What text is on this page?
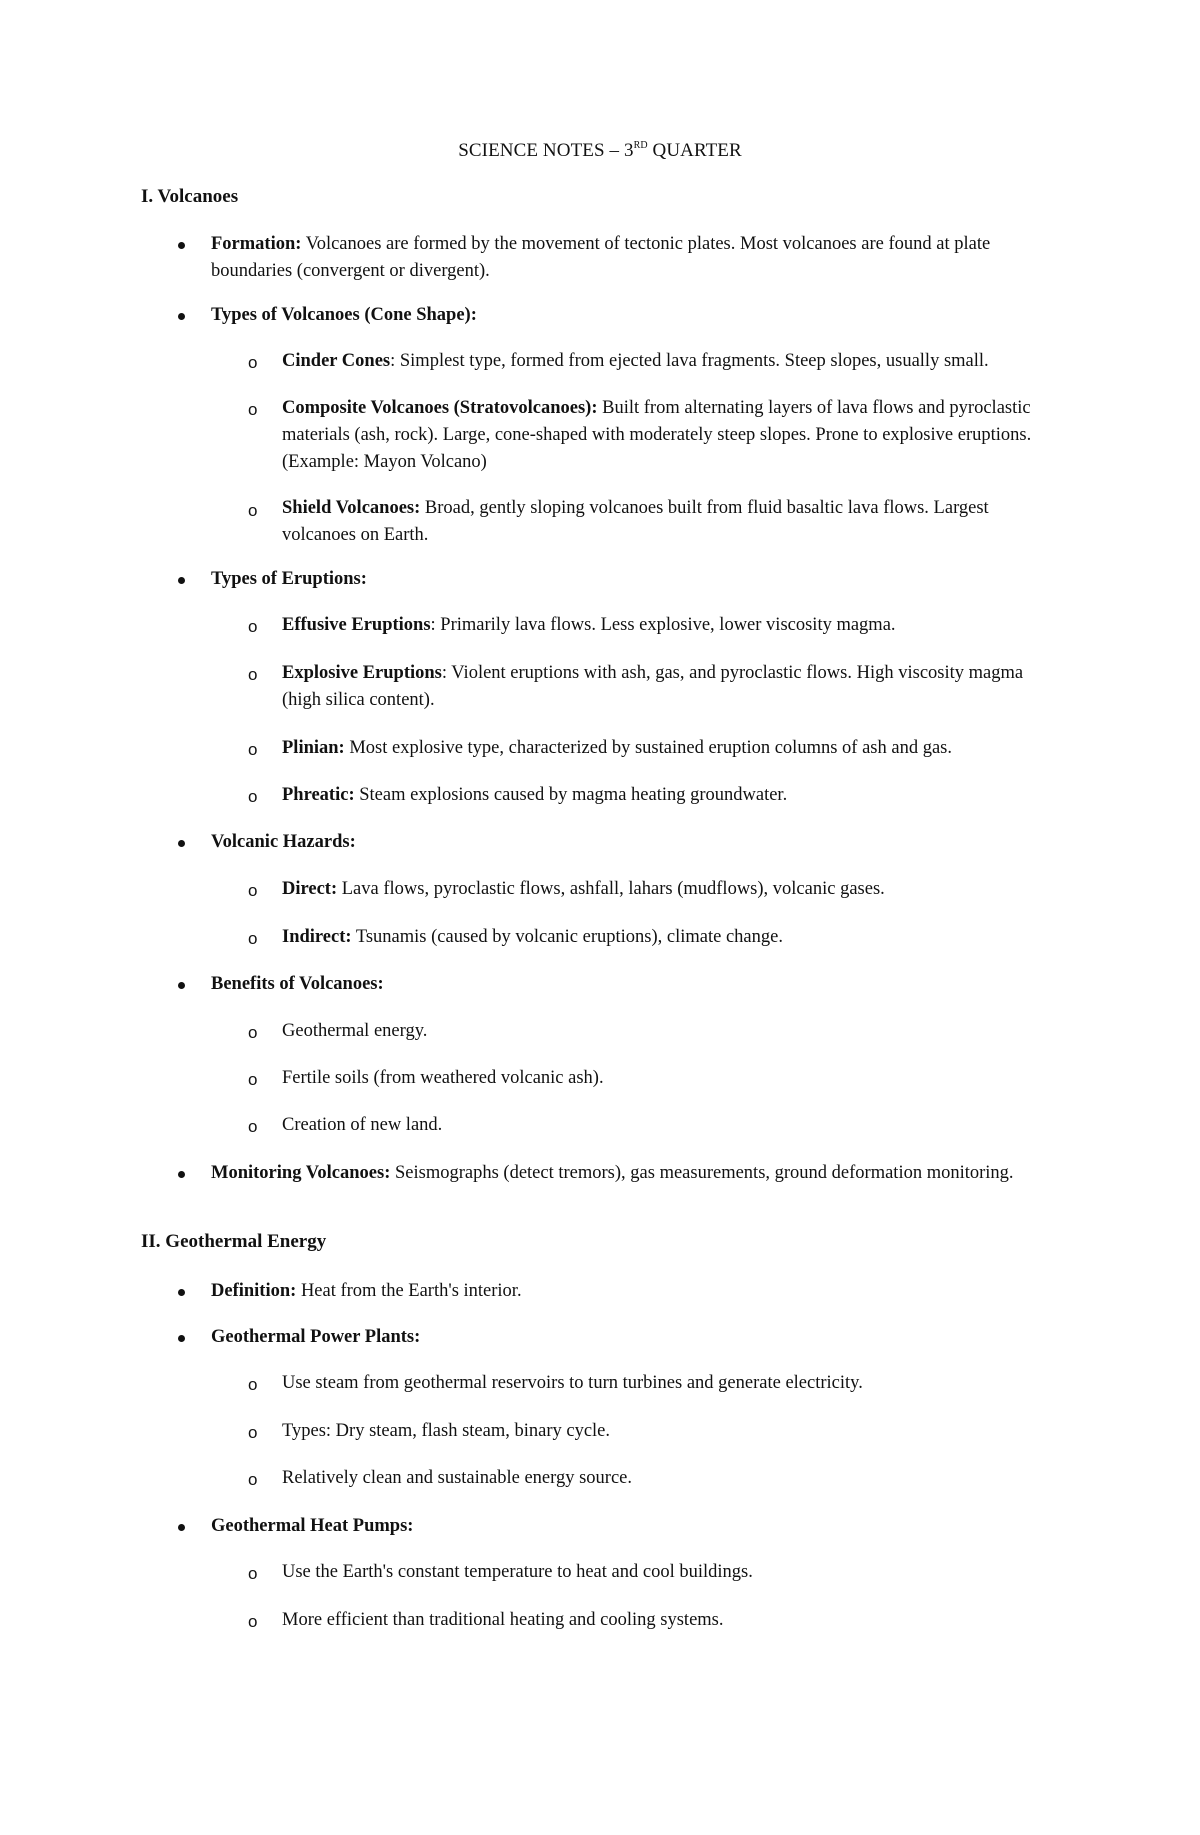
SCIENCE NOTES – 3RD QUARTER
I. Volcanoes
Formation: Volcanoes are formed by the movement of tectonic plates. Most volcanoes are found at plate boundaries (convergent or divergent).
Types of Volcanoes (Cone Shape):
o Cinder Cones: Simplest type, formed from ejected lava fragments. Steep slopes, usually small.
o Composite Volcanoes (Stratovolcanoes): Built from alternating layers of lava flows and pyroclastic materials (ash, rock). Large, cone-shaped with moderately steep slopes. Prone to explosive eruptions. (Example: Mayon Volcano)
o Shield Volcanoes: Broad, gently sloping volcanoes built from fluid basaltic lava flows. Largest volcanoes on Earth.
Types of Eruptions:
o Effusive Eruptions: Primarily lava flows. Less explosive, lower viscosity magma.
o Explosive Eruptions: Violent eruptions with ash, gas, and pyroclastic flows. High viscosity magma (high silica content).
o Plinian: Most explosive type, characterized by sustained eruption columns of ash and gas.
o Phreatic: Steam explosions caused by magma heating groundwater.
Volcanic Hazards:
o Direct: Lava flows, pyroclastic flows, ashfall, lahars (mudflows), volcanic gases.
o Indirect: Tsunamis (caused by volcanic eruptions), climate change.
Benefits of Volcanoes:
o Geothermal energy.
o Fertile soils (from weathered volcanic ash).
o Creation of new land.
Monitoring Volcanoes: Seismographs (detect tremors), gas measurements, ground deformation monitoring.
II. Geothermal Energy
Definition: Heat from the Earth's interior.
Geothermal Power Plants:
o Use steam from geothermal reservoirs to turn turbines and generate electricity.
o Types: Dry steam, flash steam, binary cycle.
o Relatively clean and sustainable energy source.
Geothermal Heat Pumps:
o Use the Earth's constant temperature to heat and cool buildings.
o More efficient than traditional heating and cooling systems.
